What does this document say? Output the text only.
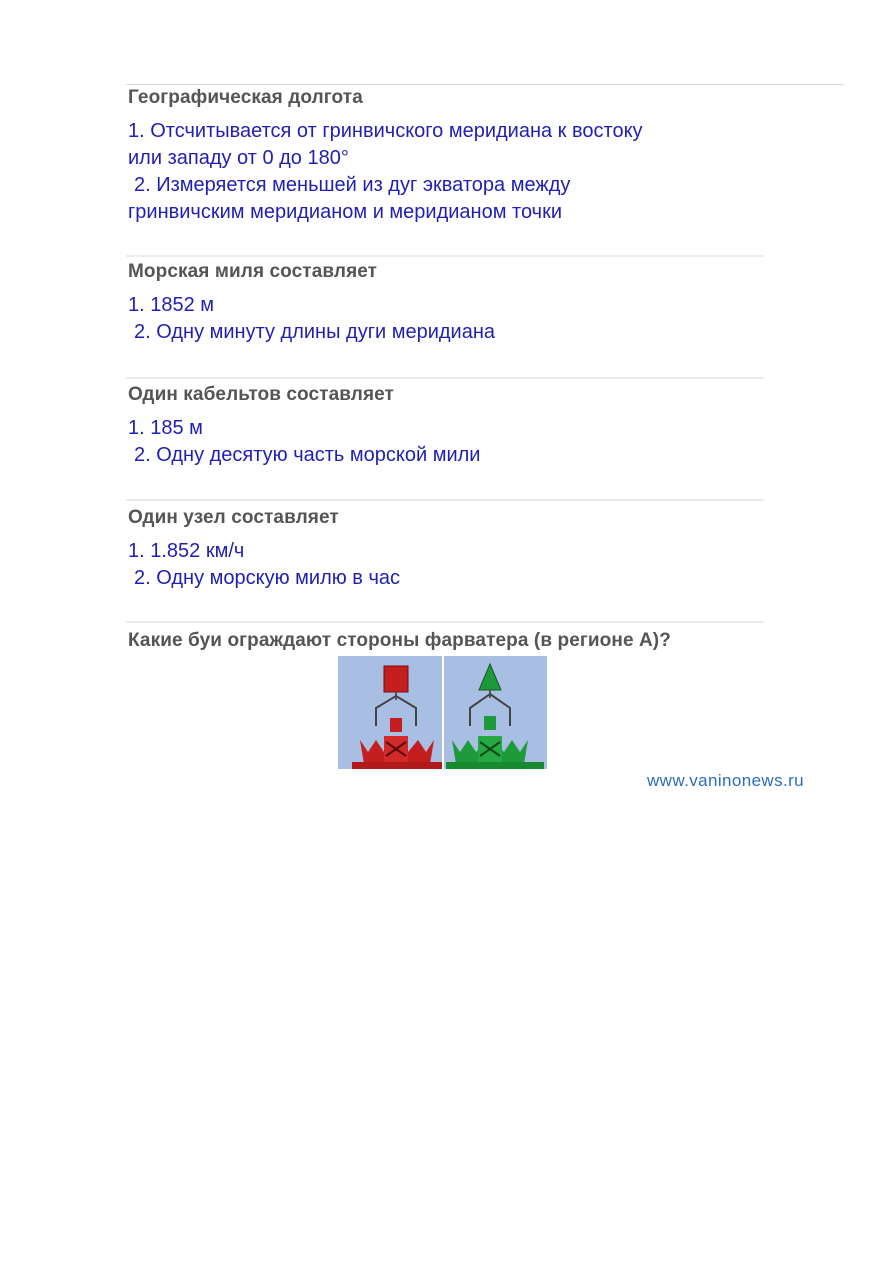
Географическая долгота
1. Отсчитывается от гринвичского меридиана к востоку
или западу от 0 до 180°
2. Измеряется меньшей из дуг экватора между
гринвичским меридианом и меридианом точки
Морская миля составляет
1. 1852 м
2. Одну минуту длины дуги меридиана
Один кабельтов составляет
1. 185 м
2. Одну десятую часть морской мили
Один узел составляет
1. 1.852 км/ч
2. Одну морскую милю в час
Какие буи ограждают стороны фарватера (в регионе А)?
www.vaninonews.ru
